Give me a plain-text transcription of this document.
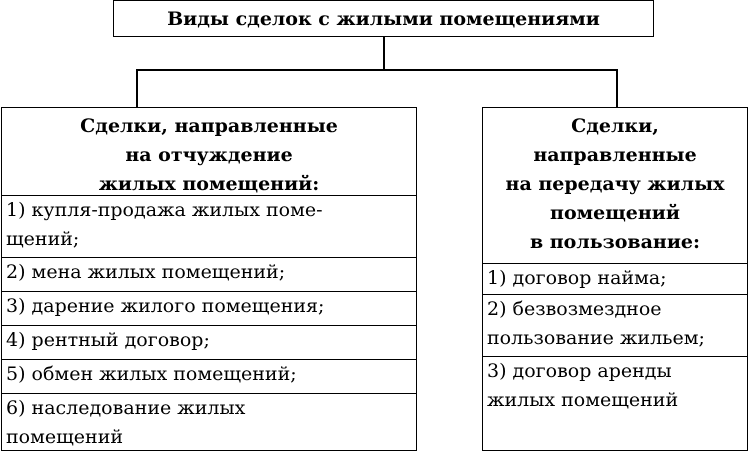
Виды сделок с жилыми помещениями
Сделки, направленные
на отчуждение
жилых помещений:
1) купля-продажа жилых поме-
щений;
2) мена жилых помещений;
3) дарение жилого помещения;
4) рентный договор;
5) обмен жилых помещений;
6) наследование жилых
помещений
Сделки,
направленные
на передачу жилых
помещений
в пользование:
1) договор найма;
2) безвозмездное
пользование жильем;
3) договор аренды
жилых помещений
